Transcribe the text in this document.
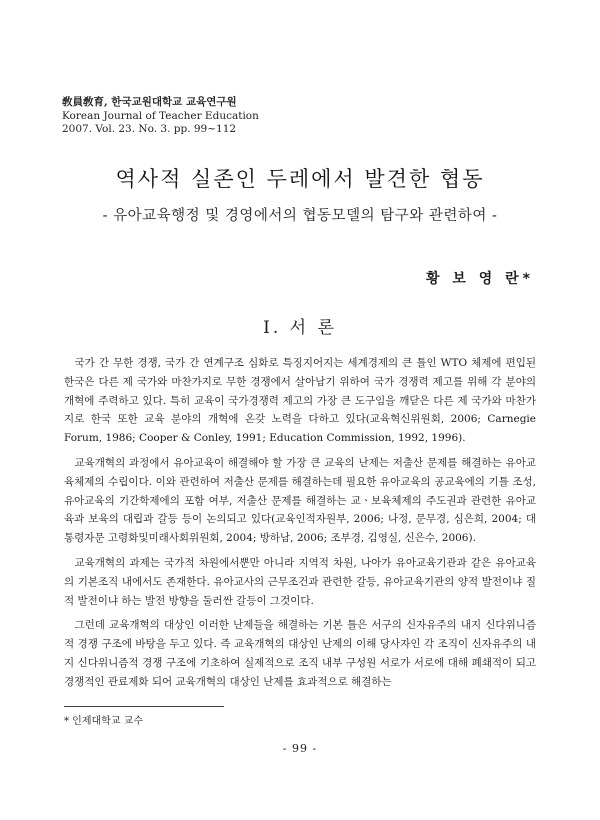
敎員敎育, 한국교원대학교 교육연구원
Korean Journal of Teacher Education
2007. Vol. 23. No. 3. pp. 99~112
역사적 실존인 두레에서 발견한 협동
- 유아교육행정 및 경영에서의 협동모델의 탐구와 관련하여 -
황 보 영 란*
Ⅰ. 서 론

국가 간 무한 경쟁, 국가 간 연계구조 심화로 특징지어지는 세계경제의 큰 틀인 WTO 체제에 편입된 한국은 다른 제 국가와 마찬가지로 무한 경쟁에서 살아남기 위하여 국가 경쟁력 제고를 위해 각 분야의 개혁에 주력하고 있다. 특히 교육이 국가경쟁력 제고의 가장 큰 도구임을 깨닫은 다른 제 국가와 마찬가지로 한국 또한 교육 분야의 개혁에 온갖 노력을 다하고 있다(교육혁신위원회, 2006; Carnegie Forum, 1986; Cooper & Conley, 1991; Education Commission, 1992, 1996).

교육개혁의 과정에서 유아교육이 해결해야 할 가장 큰 교육의 난제는 저출산 문제를 해결하는 유아교육체제의 수립이다. 이와 관련하여 저출산 문제를 해결하는데 필요한 유아교육의 공교육에의 기틀 조성, 유아교육의 기간학제에의 포함 여부, 저출산 문제를 해결하는 교ㆍ보육체제의 주도권과 관련한 유아교육과 보육의 대립과 갈등 등이 논의되고 있다(교육인적자원부, 2006; 나정, 문무경, 심은희, 2004; 대통령자문 고령화및미래사회위원회, 2004; 방하남, 2006; 조부경, 김영실, 신은수, 2006).

교육개혁의 과제는 국가적 차원에서뿐만 아니라 지역적 차원, 나아가 유아교육기관과 같은 유아교육의 기본조직 내에서도 존재한다. 유아교사의 근무조건과 관련한 갈등, 유아교육기관의 양적 발전이냐 질적 발전이냐 하는 발전 방향을 둘러싼 갈등이 그것이다.

그런데 교육개혁의 대상인 이러한 난제들을 해결하는 기본 틀은 서구의 신자유주의 내지 신다위니즘적 경쟁 구조에 바탕을 두고 있다. 즉 교육개혁의 대상인 난제의 이해 당사자인 각 조직이 신자유주의 내지 신다위니즘적 경쟁 구조에 기초하여 실제적으로 조직 내부 구성원 서로가 서로에 대해 폐쇄적이 되고 경쟁적인 관료제화 되어 교육개혁의 대상인 난제를 효과적으로 해결하는

* 인제대학교 교수
- 99 -
